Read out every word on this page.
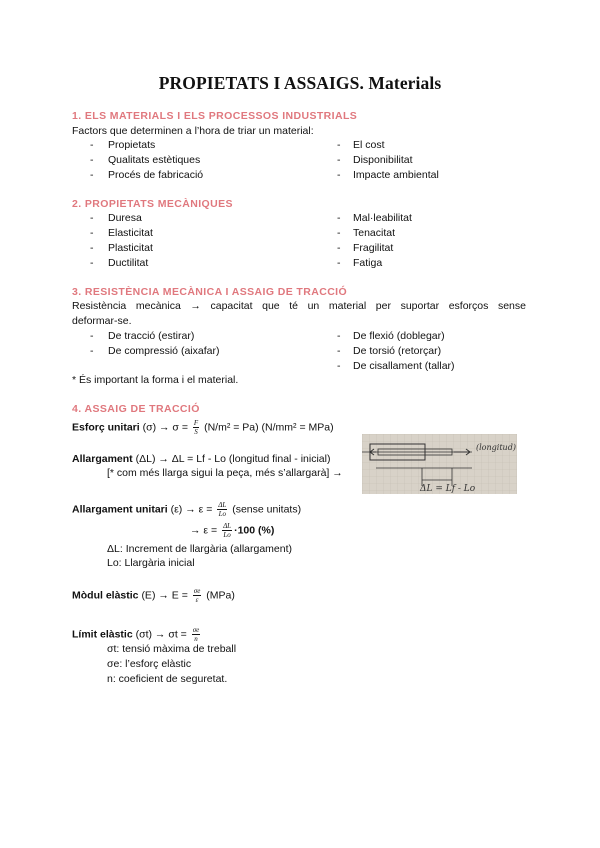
PROPIETATS I ASSAIGS. Materials
1. ELS MATERIALS I ELS PROCESSOS INDUSTRIALS
Factors que determinen a l’hora de triar un material:
- Propietats
- Qualitats estètiques
- Procés de fabricació
- El cost
- Disponibilitat
- Impacte ambiental
2. PROPIETATS MECÀNIQUES
- Duresa
- Elasticitat
- Plasticitat
- Ductilitat
- Mal·leabilitat
- Tenacitat
- Fragilitat
- Fatiga
3. RESISTÈNCIA MECÀNICA I ASSAIG DE TRACCIÓ
Resistència mecànica → capacitat que té un material per suportar esforços sense
deformar-se.
- De tracció (estirar)
- De compressió (aixafar)
- De flexió (doblegar)
- De torsió (retorçar)
- De cisallament (tallar)
* És important la forma i el material.
4. ASSAIG DE TRACCIÓ
Esforç unitari $(\sigma) \to \sigma = \frac{F}{S} (N/m^2 = Pa) (N/mm^2 = MPa)$
Allargament (ΔL) → ΔL = Lf - Lo (longitud final - inicial)
[* com més llarga sigui la peça, més s’allargarà] →
(longitud)
ΔL = Lf - Lo
Allargament unitari $(\varepsilon) \to \varepsilon = \frac{\Delta L}{Lo}$ (sense unitats)
→ $\varepsilon = \frac{\Delta L}{Lo} \cdot 100$ (%)
ΔL: Increment de llargària (allargament)
Lo: Llargària inicial
Mòdul elàstic $(E) \to E = \frac{\sigma e}{\varepsilon} (MPa)$
Límit elàstic $(\sigma t) \to \sigma t = \frac{\sigma e}{n}$
σt: tensió màxima de treball
σe: l’esforç elàstic
n: coeficient de seguretat.
